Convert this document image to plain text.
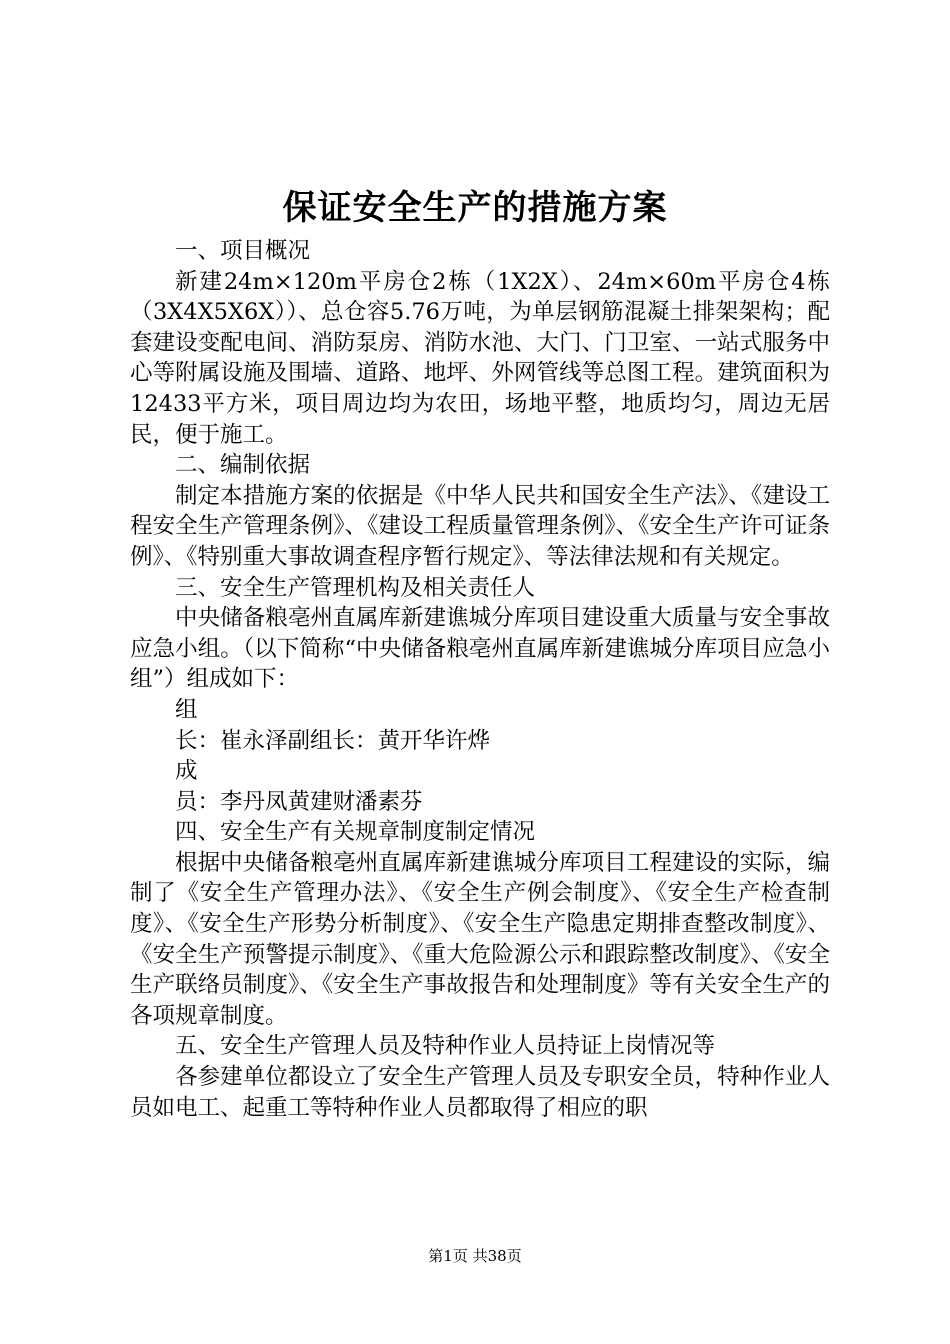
保证安全生产的措施方案

一、项目概况

新建24m×120m平房仓2栋（1X2X）、24m×60m平房仓4栋（3X4X5X6X））、总仓容5.76万吨，为单层钢筋混凝土排架架构；配套建设变配电间、消防泵房、消防水池、大门、门卫室、一站式服务中心等附属设施及围墙、道路、地坪、外网管线等总图工程。建筑面积为12433平方米，项目周边均为农田，场地平整，地质均匀，周边无居民，便于施工。

二、编制依据

制定本措施方案的依据是《中华人民共和国安全生产法》、《建设工程安全生产管理条例》、《建设工程质量管理条例》、《安全生产许可证条例》、《特别重大事故调查程序暂行规定》、等法律法规和有关规定。

三、安全生产管理机构及相关责任人

中央储备粮亳州直属库新建谯城分库项目建设重大质量与安全事故应急小组。（以下简称“中央储备粮亳州直属库新建谯城分库项目应急小组”）组成如下：

组

长：崔永泽副组长：黄开华许烨

成

员：李丹凤黄建财潘素芬

四、安全生产有关规章制度制定情况

根据中央储备粮亳州直属库新建谯城分库项目工程建设的实际，编制了《安全生产管理办法》、《安全生产例会制度》、《安全生产检查制度》、《安全生产形势分析制度》、《安全生产隐患定期排查整改制度》、《安全生产预警提示制度》、《重大危险源公示和跟踪整改制度》、《安全生产联络员制度》、《安全生产事故报告和处理制度》等有关安全生产的各项规章制度。

五、安全生产管理人员及特种作业人员持证上岗情况等

各参建单位都设立了安全生产管理人员及专职安全员，特种作业人员如电工、起重工等特种作业人员都取得了相应的职

第1页 共38页
